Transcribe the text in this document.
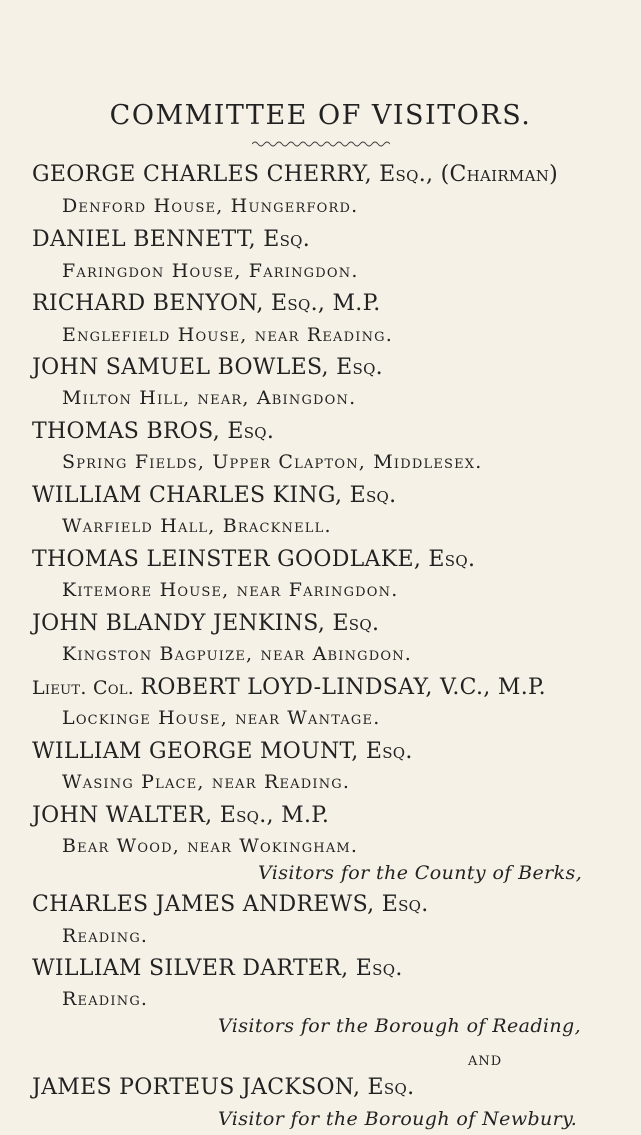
COMMITTEE OF VISITORS.
GEORGE CHARLES CHERRY, Esq., (Chairman)
Denford House, Hungerford.
DANIEL BENNETT, Esq.
Faringdon House, Faringdon.
RICHARD BENYON, Esq., M.P.
Englefield House, near Reading.
JOHN SAMUEL BOWLES, Esq.
Milton Hill, near, Abingdon.
THOMAS BROS, Esq.
Spring Fields, Upper Clapton, Middlesex.
WILLIAM CHARLES KING, Esq.
Warfield Hall, Bracknell.
THOMAS LEINSTER GOODLAKE, Esq.
Kitemore House, near Faringdon.
JOHN BLANDY JENKINS, Esq.
Kingston Bagpuize, near Abingdon.
Lieut. Col. ROBERT LOYD-LINDSAY, V.C., M.P.
Lockinge House, near Wantage.
WILLIAM GEORGE MOUNT, Esq.
Wasing Place, near Reading.
JOHN WALTER, Esq., M.P.
Bear Wood, near Wokingham.
Visitors for the County of Berks,
CHARLES JAMES ANDREWS, Esq.
Reading.
WILLIAM SILVER DARTER, Esq.
Reading.
Visitors for the Borough of Reading,
AND
JAMES PORTEUS JACKSON, Esq.
Visitor for the Borough of Newbury.
